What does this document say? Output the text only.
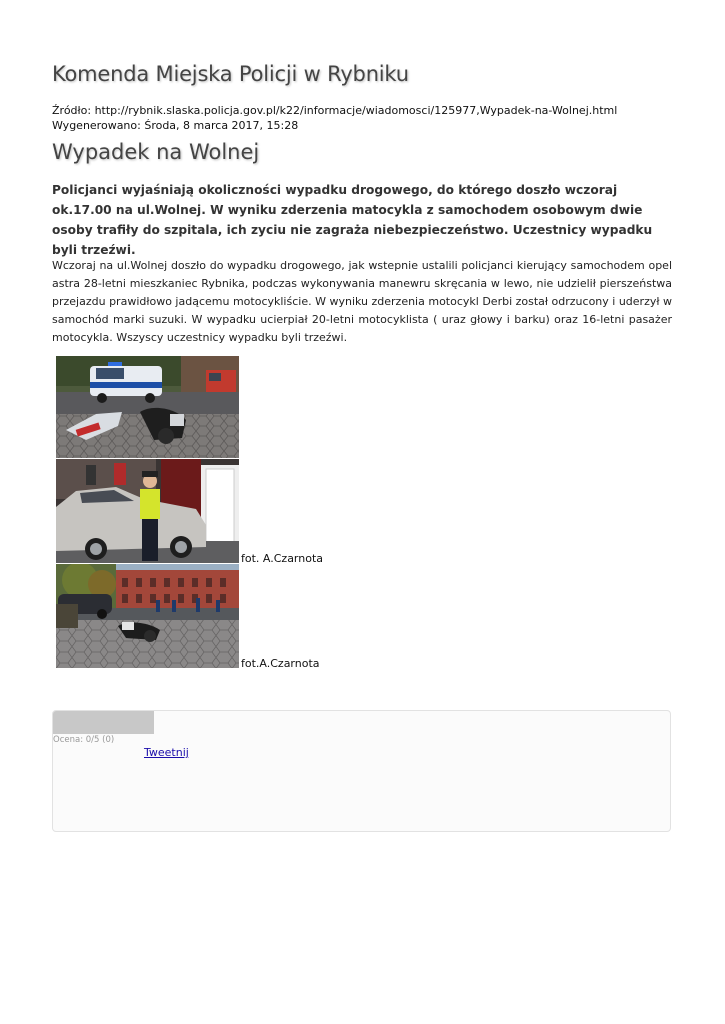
Komenda Miejska Policji w Rybniku
Źródło: http://rybnik.slaska.policja.gov.pl/k22/informacje/wiadomosci/125977,Wypadek-na-Wolnej.html
Wygenerowano: Środa, 8 marca 2017, 15:28
Wypadek na Wolnej

Policjanci wyjaśniają okoliczności wypadku drogowego, do którego doszło wczoraj ok.17.00 na ul.Wolnej. W wyniku zderzenia matocykla z samochodem osobowym dwie osoby trafiły do szpitala, ich zyciu nie zagraża niebezpieczeństwo. Uczestnicy wypadku byli trzeźwi.

Wczoraj na ul.Wolnej doszło do wypadku drogowego, jak wstepnie ustalili policjanci kierujący samochodem opel astra 28-letni mieszkaniec Rybnika, podczas wykonywania manewru skręcania w lewo, nie udzielił pierszeństwa przejazdu prawidłowo jadącemu motocykliście. W wyniku zderzenia motocykl Derbi został odrzucony i uderzył w samochód marki suzuki. W wypadku ucierpiał 20-letni motocyklista ( uraz głowy i barku) oraz 16-letni pasażer motocykla. Wszyscy uczestnicy wypadku byli trzeźwi.

fot. A.Czarnota
fot.A.Czarnota
Ocena: 0/5 (0)
Tweetnij
